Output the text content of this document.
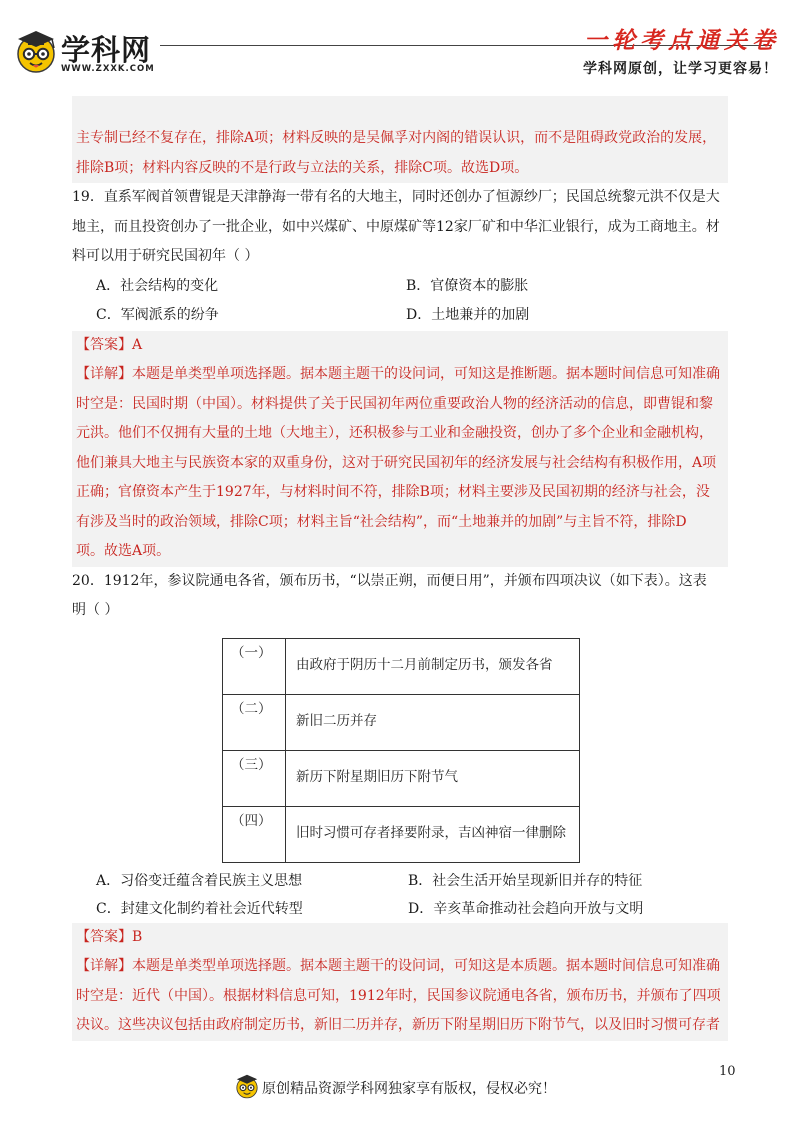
学科网
WWW.ZXXK.COM
一轮考点通关卷
学科网原创，让学习更容易！
主专制已经不复存在，排除A项；材料反映的是吴佩孚对内阁的错误认识，而不是阻碍政党政治的发展，
排除B项；材料内容反映的不是行政与立法的关系，排除C项。故选D项。

19．直系军阀首领曹锟是天津静海一带有名的大地主，同时还创办了恒源纱厂；民国总统黎元洪不仅是大

地主，而且投资创办了一批企业，如中兴煤矿、中原煤矿等12家厂矿和中华汇业银行，成为工商地主。材

料可以用于研究民国初年（ ）

A．社会结构的变化	B．官僚资本的膨胀
C．军阀派系的纷争	D．土地兼并的加剧
【答案】A
【详解】本题是单类型单项选择题。据本题主题干的设问词，可知这是推断题。据本题时间信息可知准确
时空是：民国时期（中国）。材料提供了关于民国初年两位重要政治人物的经济活动的信息，即曹锟和黎
元洪。他们不仅拥有大量的土地（大地主），还积极参与工业和金融投资，创办了多个企业和金融机构，
他们兼具大地主与民族资本家的双重身份，这对于研究民国初年的经济发展与社会结构有积极作用，A项
正确；官僚资本产生于1927年，与材料时间不符，排除B项；材料主要涉及民国初期的经济与社会，没
有涉及当时的政治领域，排除C项；材料主旨“社会结构”，而“土地兼并的加剧”与主旨不符，排除D
项。故选A项。

20．1912年，参议院通电各省，颁布历书，“以崇正朔，而便日用”，并颁布四项决议（如下表）。这表

明（ ）

（一）	由政府于阴历十二月前制定历书，颁发各省
（二）	新旧二历并存
（三）	新历下附星期旧历下附节气
（四）	旧时习惯可存者择要附录，吉凶神宿一律删除
A．习俗变迁蕴含着民族主义思想	B．社会生活开始呈现新旧并存的特征
C．封建文化制约着社会近代转型	D．辛亥革命推动社会趋向开放与文明
【答案】B
【详解】本题是单类型单项选择题。据本题主题干的设问词，可知这是本质题。据本题时间信息可知准确
时空是：近代（中国）。根据材料信息可知，1912年时，民国参议院通电各省，颁布历书，并颁布了四项
决议。这些决议包括由政府制定历书，新旧二历并存，新历下附星期旧历下附节气，以及旧时习惯可存者
10
原创精品资源学科网独家享有版权，侵权必究！
